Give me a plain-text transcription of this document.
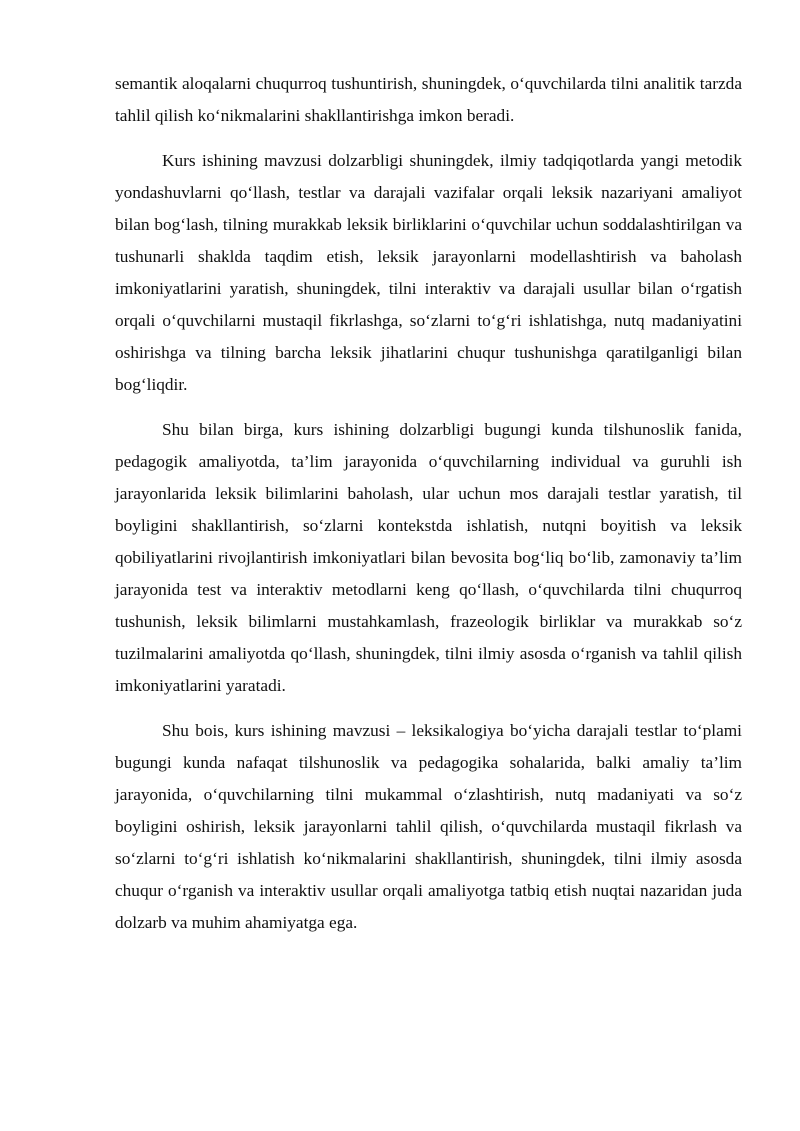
semantik aloqalarni chuqurroq tushuntirish, shuningdek, o‘quvchilarda tilni analitik tarzda tahlil qilish ko‘nikmalarini shakllantirishga imkon beradi.

Kurs ishining mavzusi dolzarbligi shuningdek, ilmiy tadqiqotlarda yangi metodik yondashuvlarni qo‘llash, testlar va darajali vazifalar orqali leksik nazariyani amaliyot bilan bog‘lash, tilning murakkab leksik birliklarini o‘quvchilar uchun soddalashtirilgan va tushunarli shaklda taqdim etish, leksik jarayonlarni modellashtirish va baholash imkoniyatlarini yaratish, shuningdek, tilni interaktiv va darajali usullar bilan o‘rgatish orqali o‘quvchilarni mustaqil fikrlashga, so‘zlarni to‘g‘ri ishlatishga, nutq madaniyatini oshirishga va tilning barcha leksik jihatlarini chuqur tushunishga qaratilganligi bilan bog‘liqdir.

Shu bilan birga, kurs ishining dolzarbligi bugungi kunda tilshunoslik fanida, pedagogik amaliyotda, ta’lim jarayonida o‘quvchilarning individual va guruhli ish jarayonlarida leksik bilimlarini baholash, ular uchun mos darajali testlar yaratish, til boyligini shakllantirish, so‘zlarni kontekstda ishlatish, nutqni boyitish va leksik qobiliyatlarini rivojlantirish imkoniyatlari bilan bevosita bog‘liq bo‘lib, zamonaviy ta’lim jarayonida test va interaktiv metodlarni keng qo‘llash, o‘quvchilarda tilni chuqurroq tushunish, leksik bilimlarni mustahkamlash, frazeologik birliklar va murakkab so‘z tuzilmalarini amaliyotda qo‘llash, shuningdek, tilni ilmiy asosda o‘rganish va tahlil qilish imkoniyatlarini yaratadi.

Shu bois, kurs ishining mavzusi – leksikalogiya bo‘yicha darajali testlar to‘plami bugungi kunda nafaqat tilshunoslik va pedagogika sohalarida, balki amaliy ta’lim jarayonida, o‘quvchilarning tilni mukammal o‘zlashtirish, nutq madaniyati va so‘z boyligini oshirish, leksik jarayonlarni tahlil qilish, o‘quvchilarda mustaqil fikrlash va so‘zlarni to‘g‘ri ishlatish ko‘nikmalarini shakllantirish, shuningdek, tilni ilmiy asosda chuqur o‘rganish va interaktiv usullar orqali amaliyotga tatbiq etish nuqtai nazaridan juda dolzarb va muhim ahamiyatga ega.
